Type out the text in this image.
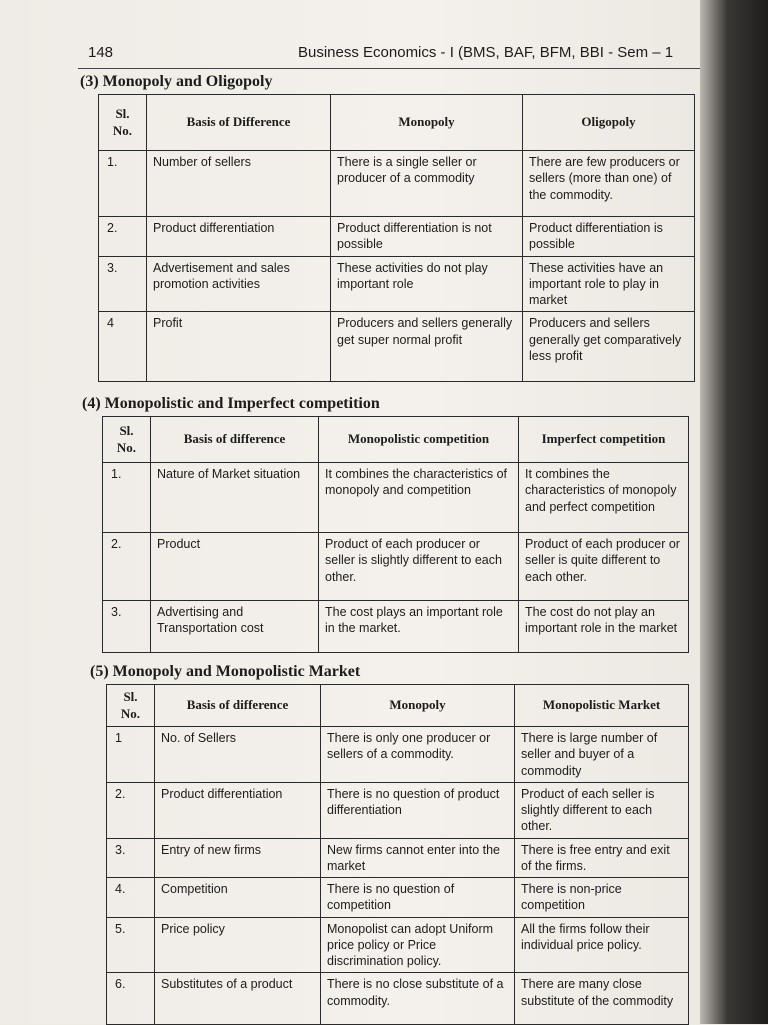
148	Business Economics - I (BMS, BAF, BFM, BBI - Sem – 1
(3) Monopoly and Oligopoly
Sl. No.	Basis of Difference	Monopoly	Oligopoly
1.	Number of sellers	There is a single seller or producer of a commodity	There are few producers or sellers (more than one) of the commodity.
2.	Product differentiation	Product differentiation is not possible	Product differentiation is possible
3.	Advertisement and sales promotion activities	These activities do not play important role	These activities have an important role to play in market
4	Profit	Producers and sellers generally get super normal profit	Producers and sellers generally get comparatively less profit
(4) Monopolistic and Imperfect competition
Sl. No.	Basis of difference	Monopolistic competition	Imperfect competition
1.	Nature of Market situation	It combines the characteristics of monopoly and competition	It combines the characteristics of monopoly and perfect competition
2.	Product	Product of each producer or seller is slightly different to each other.	Product of each producer or seller is quite different to each other.
3.	Advertising and Transportation cost	The cost plays an important role in the market.	The cost do not play an important role in the market
(5) Monopoly and Monopolistic Market
Sl. No.	Basis of difference	Monopoly	Monopolistic Market
1	No. of Sellers	There is only one producer or sellers of a commodity.	There is large number of seller and buyer of a commodity
2.	Product differentiation	There is no question of product differentiation	Product of each seller is slightly different to each other.
3.	Entry of new firms	New firms cannot enter into the market	There is free entry and exit of the firms.
4.	Competition	There is no question of competition	There is non-price competition
5.	Price policy	Monopolist can adopt Uniform price policy or Price discrimination policy.	All the firms follow their individual price policy.
6.	Substitutes of a product	There is no close substitute of a commodity.	There are many close substitute of the commodity
